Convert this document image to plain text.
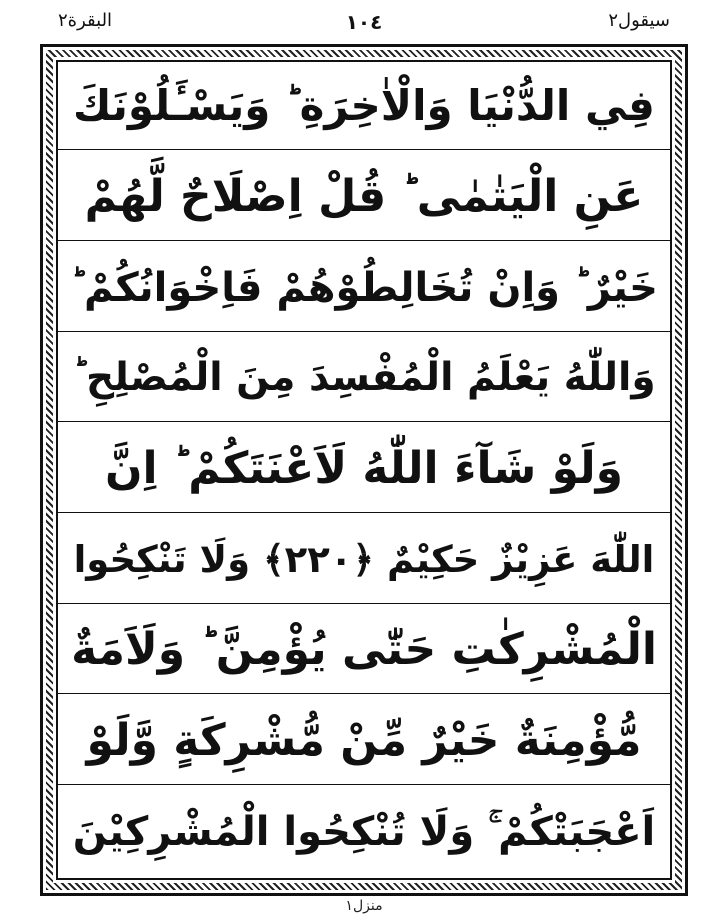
البقرة٢	١٠٤	سيقول٢
فِي الدُّنْيَا وَالْاٰخِرَةِ ؕ وَيَسْـَٔلُوْنَكَ
عَنِ الْيَتٰمٰى ؕ قُلْ اِصْلَاحٌ لَّهُمْ
خَيْرٌ ؕ وَاِنْ تُخَالِطُوْهُمْ فَاِخْوَانُكُمْ ؕ
وَاللّٰهُ يَعْلَمُ الْمُفْسِدَ مِنَ الْمُصْلِحِ ؕ
وَلَوْ شَآءَ اللّٰهُ لَاَعْنَتَكُمْ ؕ اِنَّ
اللّٰهَ عَزِيْزٌ حَكِيْمٌ ﴿٢٢٠﴾ وَلَا تَنْكِحُوا
الْمُشْرِكٰتِ حَتّٰى يُؤْمِنَّ ؕ وَلَاَمَةٌ
مُّؤْمِنَةٌ خَيْرٌ مِّنْ مُّشْرِكَةٍ وَّلَوْ
اَعْجَبَتْكُمْ ۚ وَلَا تُنْكِحُوا الْمُشْرِكِيْنَ
منزل١
